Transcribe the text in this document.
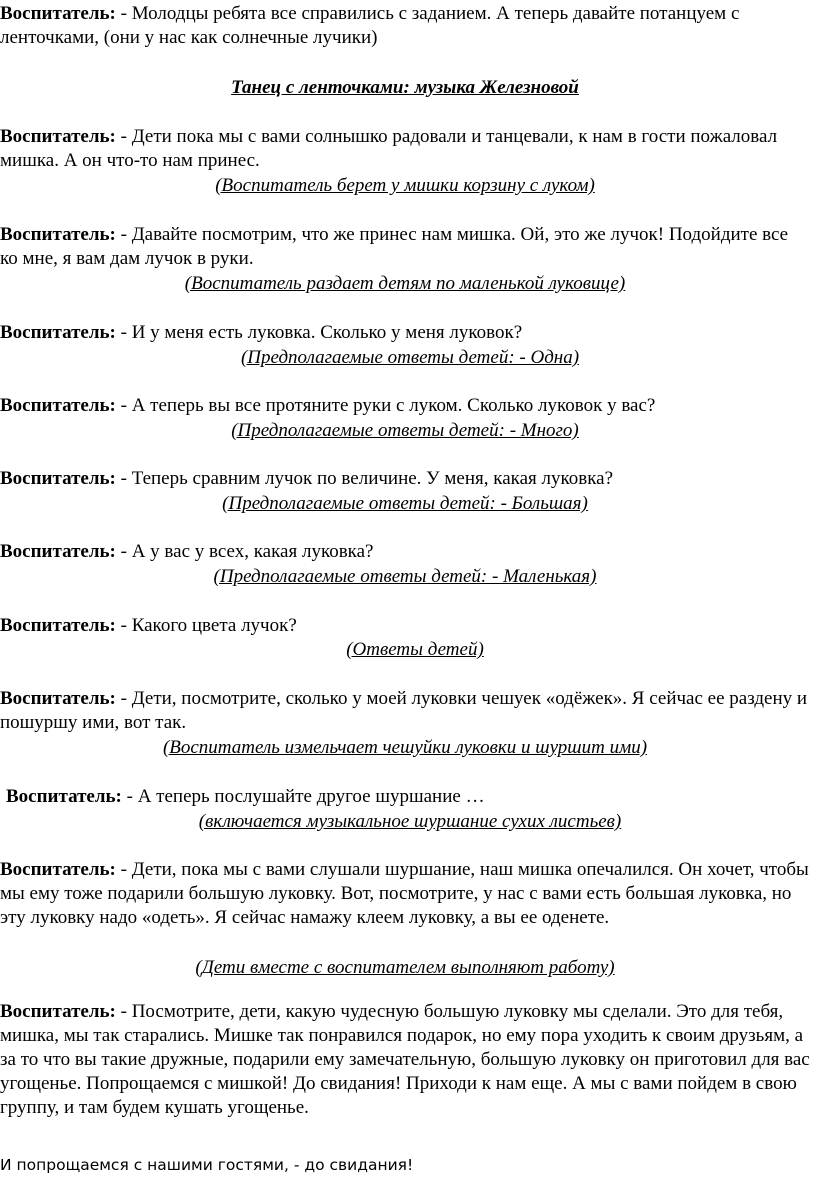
Воспитатель: - Молодцы ребята все справились с заданием. А теперь давайте потанцуем с ленточками, (они у нас как солнечные лучики)
Танец с ленточками: музыка Железновой
Воспитатель: - Дети пока мы с вами солнышко радовали и танцевали, к нам в гости пожаловал мишка. А он что-то нам принес.
(Воспитатель берет у мишки корзину с луком)
Воспитатель: - Давайте посмотрим, что же принес нам мишка. Ой, это же лучок! Подойдите все ко мне, я вам дам лучок в руки.
(Воспитатель раздает детям по маленькой луковице)
Воспитатель: - И у меня есть луковка. Сколько у меня луковок?
(Предполагаемые ответы детей: - Одна)
Воспитатель: - А теперь вы все протяните руки с луком. Сколько луковок у вас?
(Предполагаемые ответы детей: - Много)
Воспитатель: - Теперь сравним лучок по величине. У меня, какая луковка?
(Предполагаемые ответы детей: - Большая)
Воспитатель: - А у вас у всех, какая луковка?
(Предполагаемые ответы детей: - Маленькая)
Воспитатель: - Какого цвета лучок?
(Ответы детей)
Воспитатель: - Дети, посмотрите, сколько у моей луковки чешуек «одёжек». Я сейчас ее раздену и пошуршу ими, вот так.
(Воспитатель измельчает чешуйки луковки и шуршит ими)
Воспитатель: - А теперь послушайте другое шуршание …
(включается музыкальное шуршание сухих листьев)
Воспитатель: - Дети, пока мы с вами слушали шуршание, наш мишка опечалился. Он хочет, чтобы мы ему тоже подарили большую луковку. Вот, посмотрите, у нас с вами есть большая луковка, но эту луковку надо «одеть». Я сейчас намажу клеем луковку, а вы ее оденете.
(Дети вместе с воспитателем выполняют работу)
Воспитатель: - Посмотрите, дети, какую чудесную большую луковку мы сделали. Это для тебя, мишка, мы так старались. Мишке так понравился подарок, но ему пора уходить к своим друзьям, а за то что вы такие дружные, подарили ему замечательную, большую луковку он приготовил для вас угощенье. Попрощаемся с мишкой! До свидания! Приходи к нам еще. А мы с вами пойдем в свою группу, и там будем кушать угощенье.
И попрощаемся с нашими гостями, - до свидания!
